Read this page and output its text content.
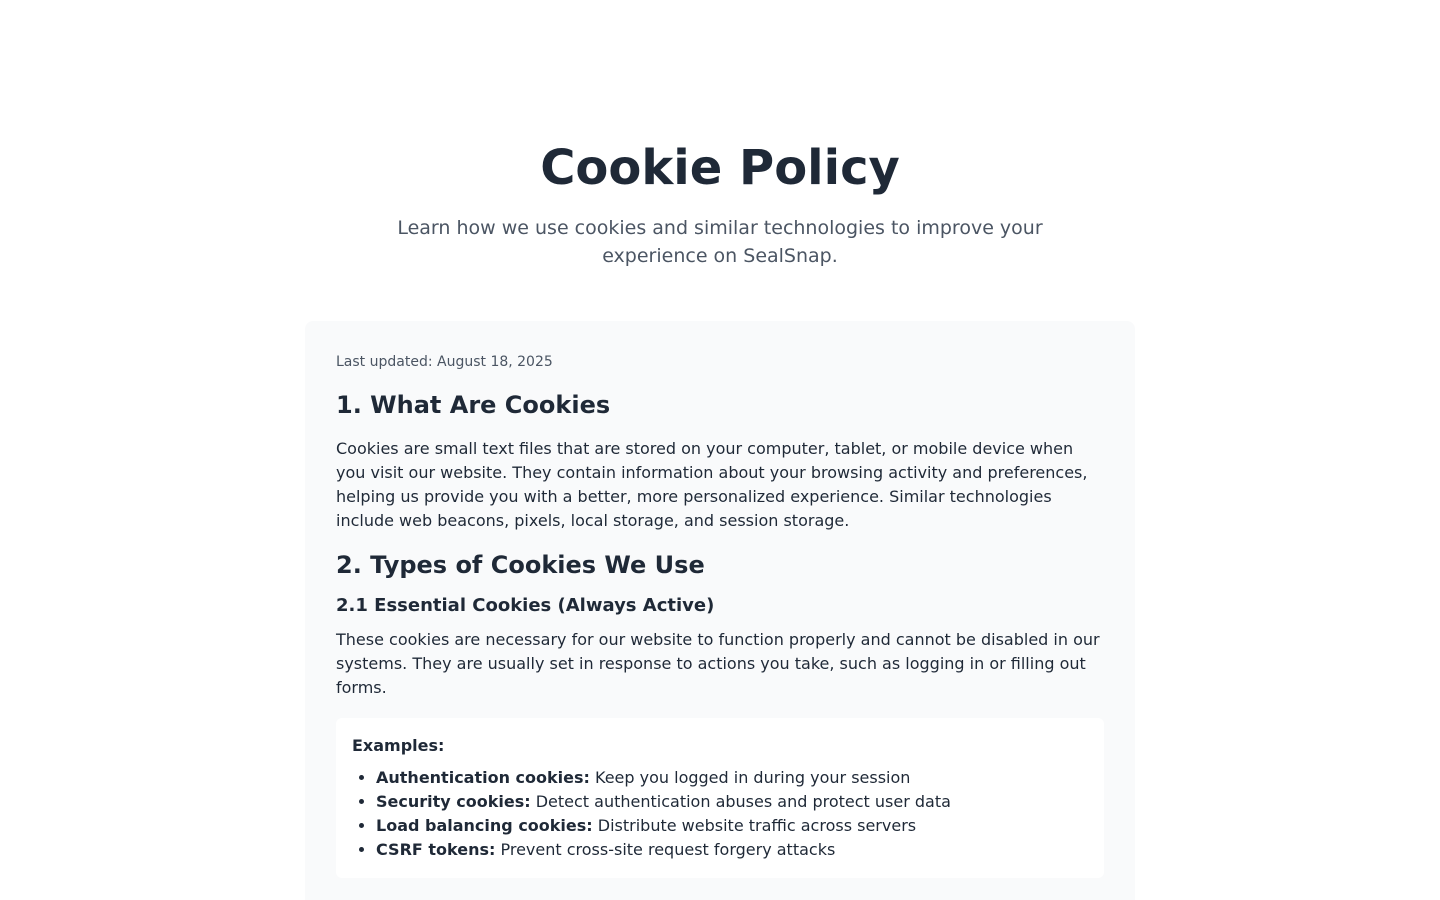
Cookie Policy

Learn how we use cookies and similar technologies to improve your experience on SealSnap.

Last updated: August 18, 2025

1. What Are Cookies

Cookies are small text files that are stored on your computer, tablet, or mobile device when you visit our website. They contain information about your browsing activity and preferences, helping us provide you with a better, more personalized experience. Similar technologies include web beacons, pixels, local storage, and session storage.

2. Types of Cookies We Use
2.1 Essential Cookies (Always Active)

These cookies are necessary for our website to function properly and cannot be disabled in our systems. They are usually set in response to actions you take, such as logging in or filling out forms.

Examples:

• Authentication cookies: Keep you logged in during your session
• Security cookies: Detect authentication abuses and protect user data
• Load balancing cookies: Distribute website traffic across servers
• CSRF tokens: Prevent cross-site request forgery attacks
